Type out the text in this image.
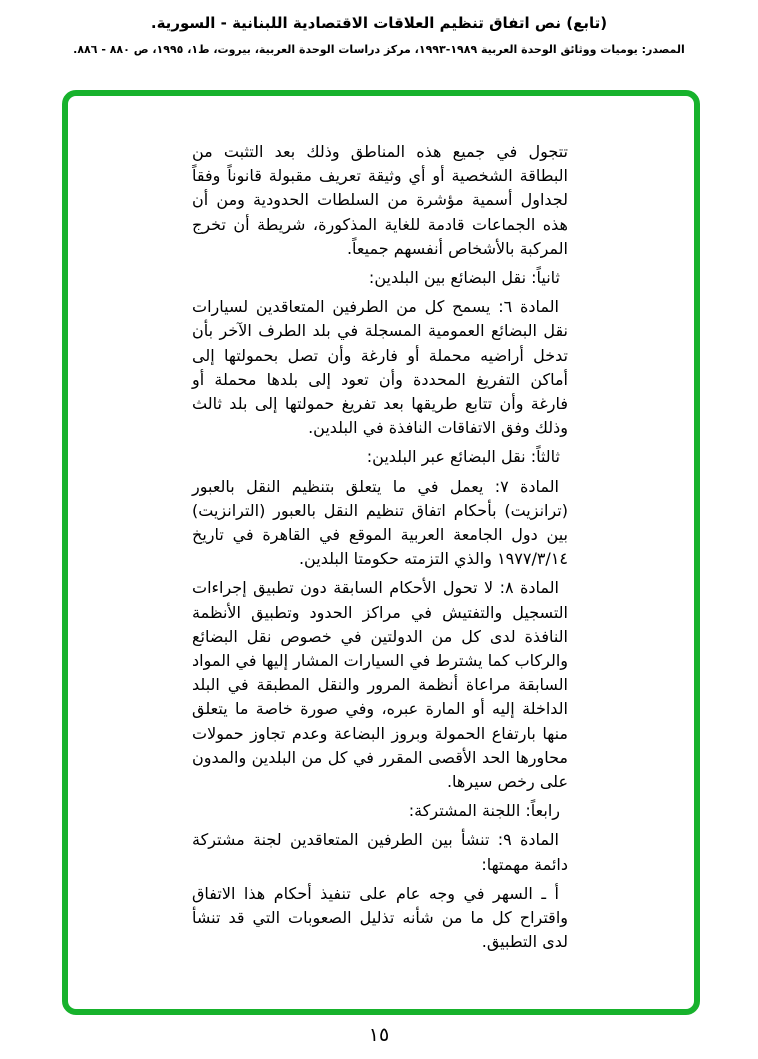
(تابع) نص اتفاق تنظيم العلاقات الاقتصادية اللبنانية - السورية.
المصدر: يوميات ووثائق الوحدة العربية ١٩٨٩-١٩٩٣، مركز دراسات الوحدة العربية، بيروت، ط١، ١٩٩٥، ص ٨٨٠ - ٨٨٦.

تتجول في جميع هذه المناطق وذلك بعد التثبت من البطاقة الشخصية أو أي وثيقة تعريف مقبولة قانوناً وفقاً لجداول أسمية مؤشرة من السلطات الحدودية ومن أن هذه الجماعات قادمة للغاية المذكورة، شريطة أن تخرج المركبة بالأشخاص أنفسهم جميعاً.

ثانياً: نقل البضائع بين البلدين:

المادة ٦: يسمح كل من الطرفين المتعاقدين لسيارات نقل البضائع العمومية المسجلة في بلد الطرف الآخر بأن تدخل أراضيه محملة أو فارغة وأن تصل بحمولتها إلى أماكن التفريغ المحددة وأن تعود إلى بلدها محملة أو فارغة وأن تتابع طريقها بعد تفريغ حمولتها إلى بلد ثالث وذلك وفق الاتفاقات النافذة في البلدين.

ثالثاً: نقل البضائع عبر البلدين:

المادة ٧: يعمل في ما يتعلق بتنظيم النقل بالعبور (ترانزيت) بأحكام اتفاق تنظيم النقل بالعبور (الترانزيت) بين دول الجامعة العربية الموقع في القاهرة في تاريخ ١٩٧٧/٣/١٤ والذي التزمته حكومتا البلدين.

المادة ٨: لا تحول الأحكام السابقة دون تطبيق إجراءات التسجيل والتفتيش في مراكز الحدود وتطبيق الأنظمة النافذة لدى كل من الدولتين في خصوص نقل البضائع والركاب كما يشترط في السيارات المشار إليها في المواد السابقة مراعاة أنظمة المرور والنقل المطبقة في البلد الداخلة إليه أو المارة عبره، وفي صورة خاصة ما يتعلق منها بارتفاع الحمولة وبروز البضاعة وعدم تجاوز حمولات محاورها الحد الأقصى المقرر في كل من البلدين والمدون على رخص سيرها.

رابعاً: اللجنة المشتركة:

المادة ٩: تنشأ بين الطرفين المتعاقدين لجنة مشتركة دائمة مهمتها:

أ ـ السهر في وجه عام على تنفيذ أحكام هذا الاتفاق واقتراح كل ما من شأنه تذليل الصعوبات التي قد تنشأ لدى التطبيق.

١٥
